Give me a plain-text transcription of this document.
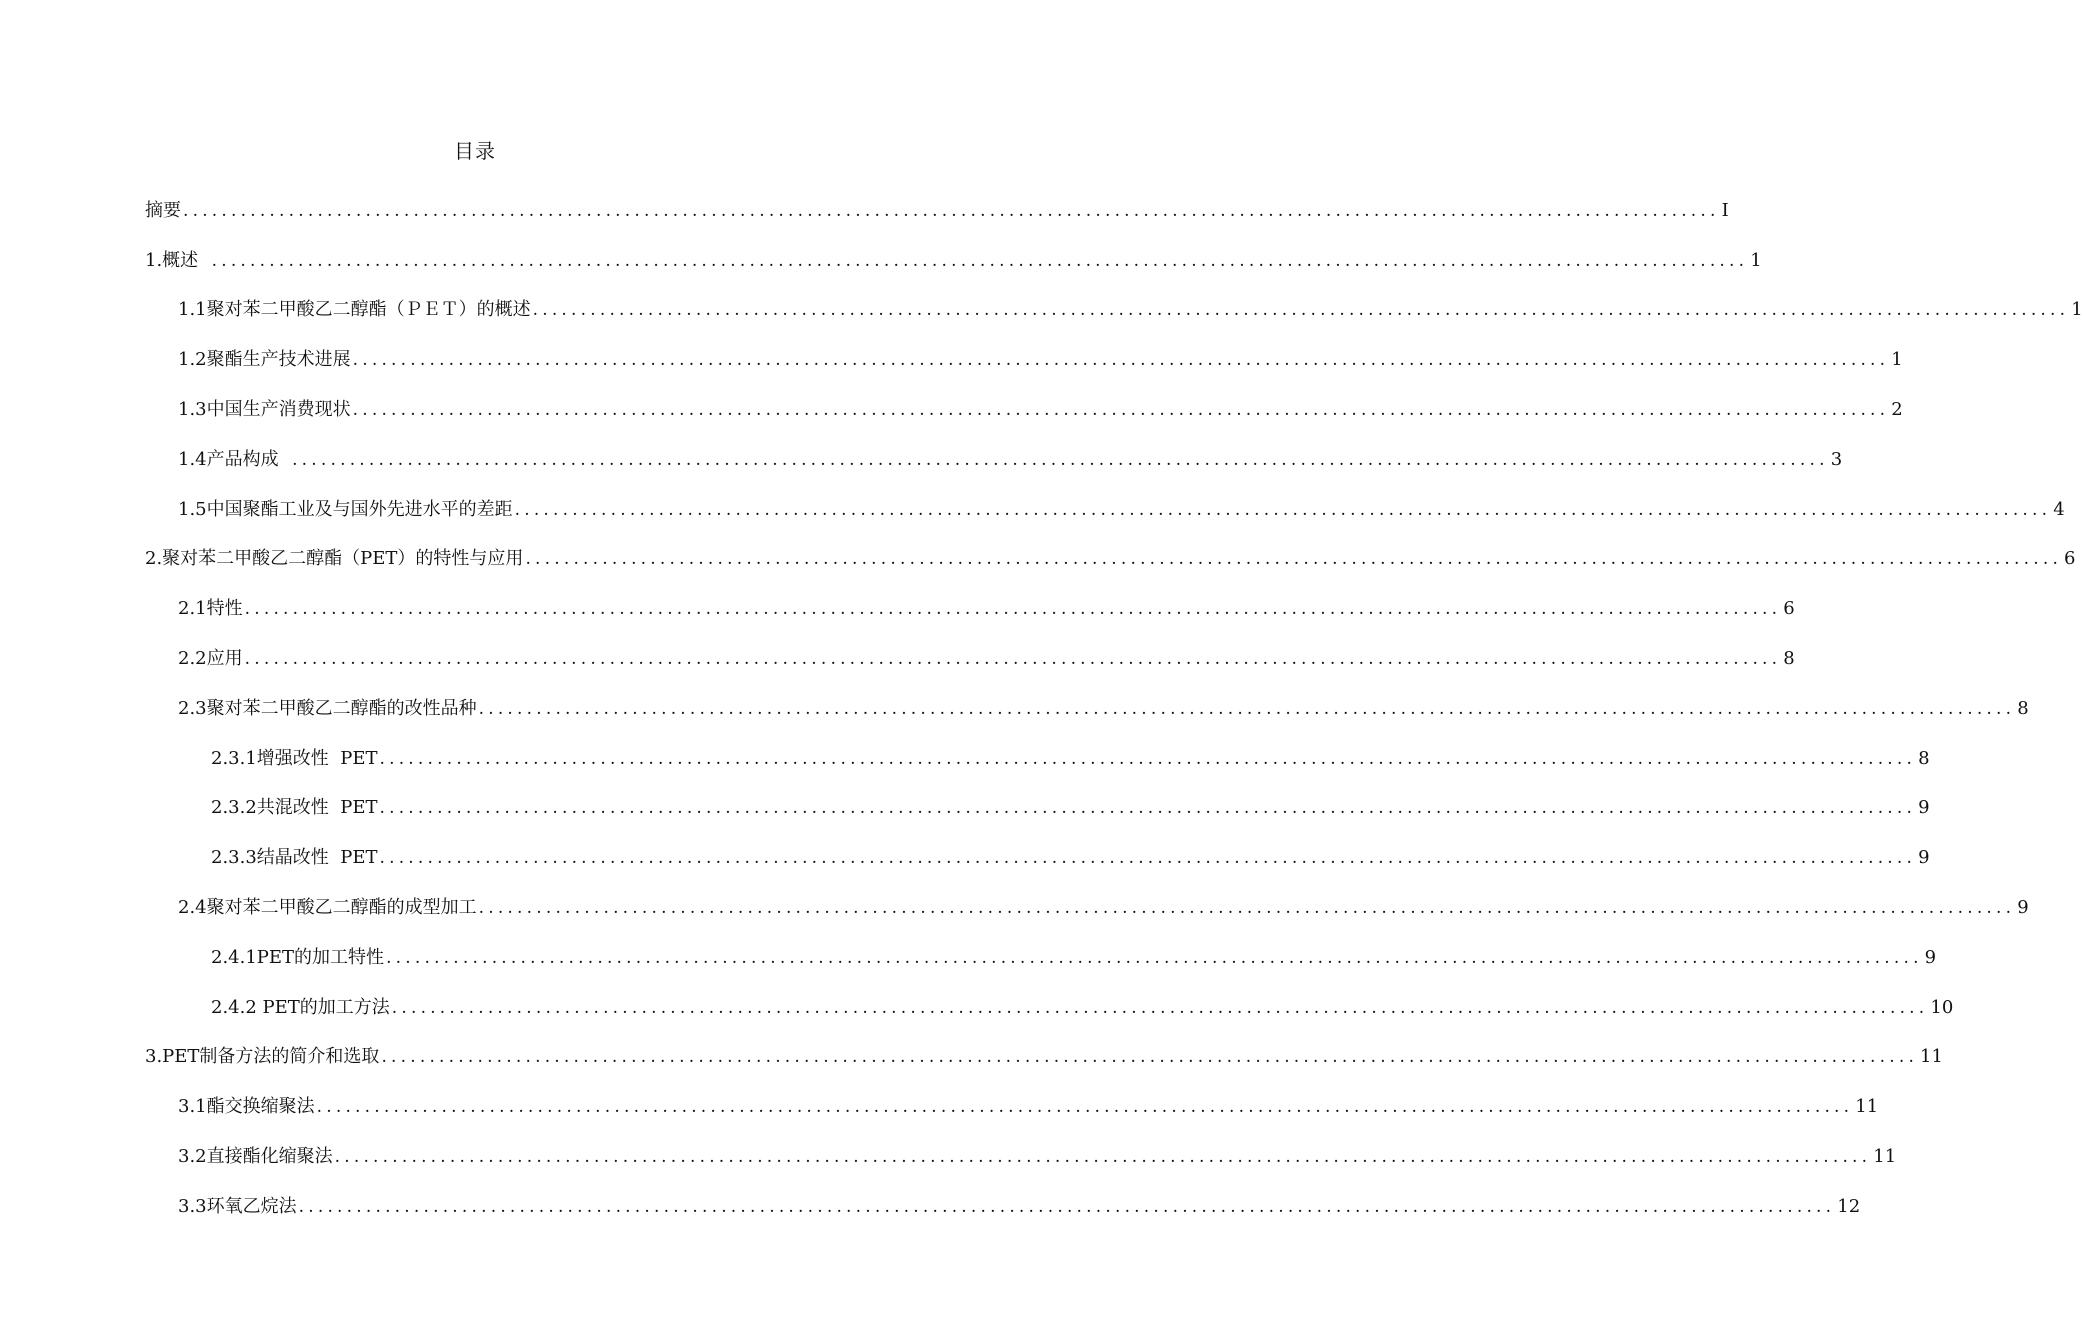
目录
摘要 ................................................................................................................................................................ I
1.概述 ................................................................................................................................................................ 1
1.1聚对苯二甲酸乙二醇酯（ＰＥＴ）的概述 ................................................................................................................................................................ 1
1.2聚酯生产技术进展 ................................................................................................................................................................ 1
1.3中国生产消费现状 ................................................................................................................................................................ 2
1.4产品构成 ................................................................................................................................................................ 3
1.5中国聚酯工业及与国外先进水平的差距 ................................................................................................................................................................ 4
2.聚对苯二甲酸乙二醇酯（PET）的特性与应用 ................................................................................................................................................................ 6
2.1特性 ................................................................................................................................................................ 6
2.2应用 ................................................................................................................................................................ 8
2.3聚对苯二甲酸乙二醇酯的改性品种 ................................................................................................................................................................ 8
2.3.1增强改性  PET ................................................................................................................................................................ 8
2.3.2共混改性  PET ................................................................................................................................................................ 9
2.3.3结晶改性  PET ................................................................................................................................................................ 9
2.4聚对苯二甲酸乙二醇酯的成型加工 ................................................................................................................................................................ 9
2.4.1PET的加工特性 ................................................................................................................................................................ 9
2.4.2 PET的加工方法 ................................................................................................................................................................ 10
3.PET制备方法的简介和选取 ................................................................................................................................................................ 11
3.1酯交换缩聚法 ................................................................................................................................................................ 11
3.2直接酯化缩聚法 ................................................................................................................................................................ 11
3.3环氧乙烷法 ................................................................................................................................................................ 12
